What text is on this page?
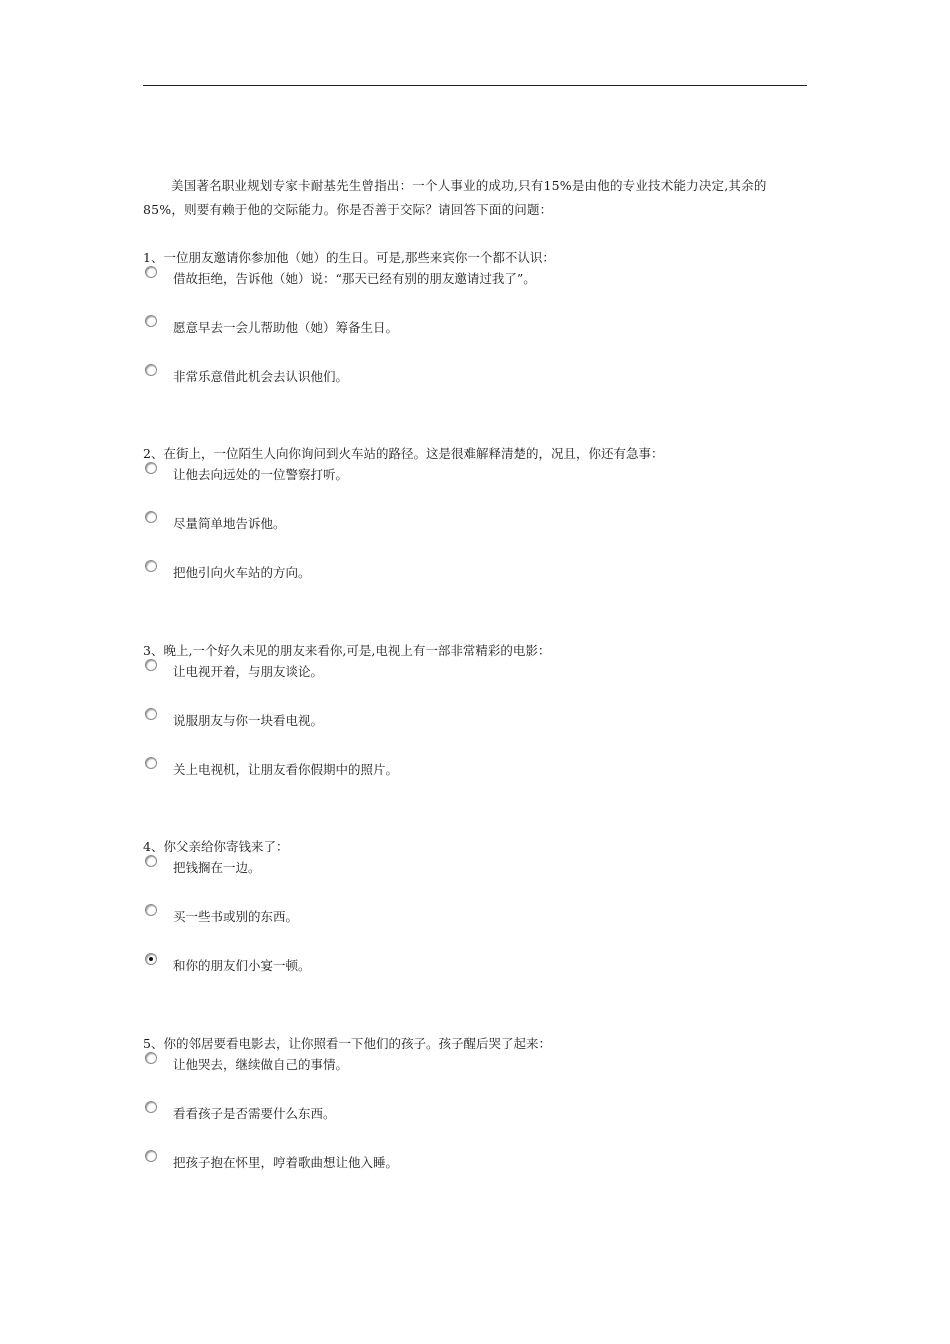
美国著名职业规划专家卡耐基先生曾指出：一个人事业的成功,只有15%是由他的专业技术能力决定,其余的85%，则要有赖于他的交际能力。你是否善于交际？请回答下面的问题：
1、一位朋友邀请你参加他（她）的生日。可是,那些来宾你一个都不认识：
借故拒绝，告诉他（她）说：“那天已经有别的朋友邀请过我了”。
愿意早去一会儿帮助他（她）筹备生日。
非常乐意借此机会去认识他们。
2、在街上，一位陌生人向你询问到火车站的路径。这是很难解释清楚的，况且，你还有急事：
让他去向远处的一位警察打听。
尽量简单地告诉他。
把他引向火车站的方向。
3、晚上,一个好久未见的朋友来看你,可是,电视上有一部非常精彩的电影：
让电视开着，与朋友谈论。
说服朋友与你一块看电视。
关上电视机，让朋友看你假期中的照片。
4、你父亲给你寄钱来了：
把钱搁在一边。
买一些书或别的东西。
和你的朋友们小宴一顿。
5、你的邻居要看电影去，让你照看一下他们的孩子。孩子醒后哭了起来：
让他哭去，继续做自己的事情。
看看孩子是否需要什么东西。
把孩子抱在怀里，哼着歌曲想让他入睡。
